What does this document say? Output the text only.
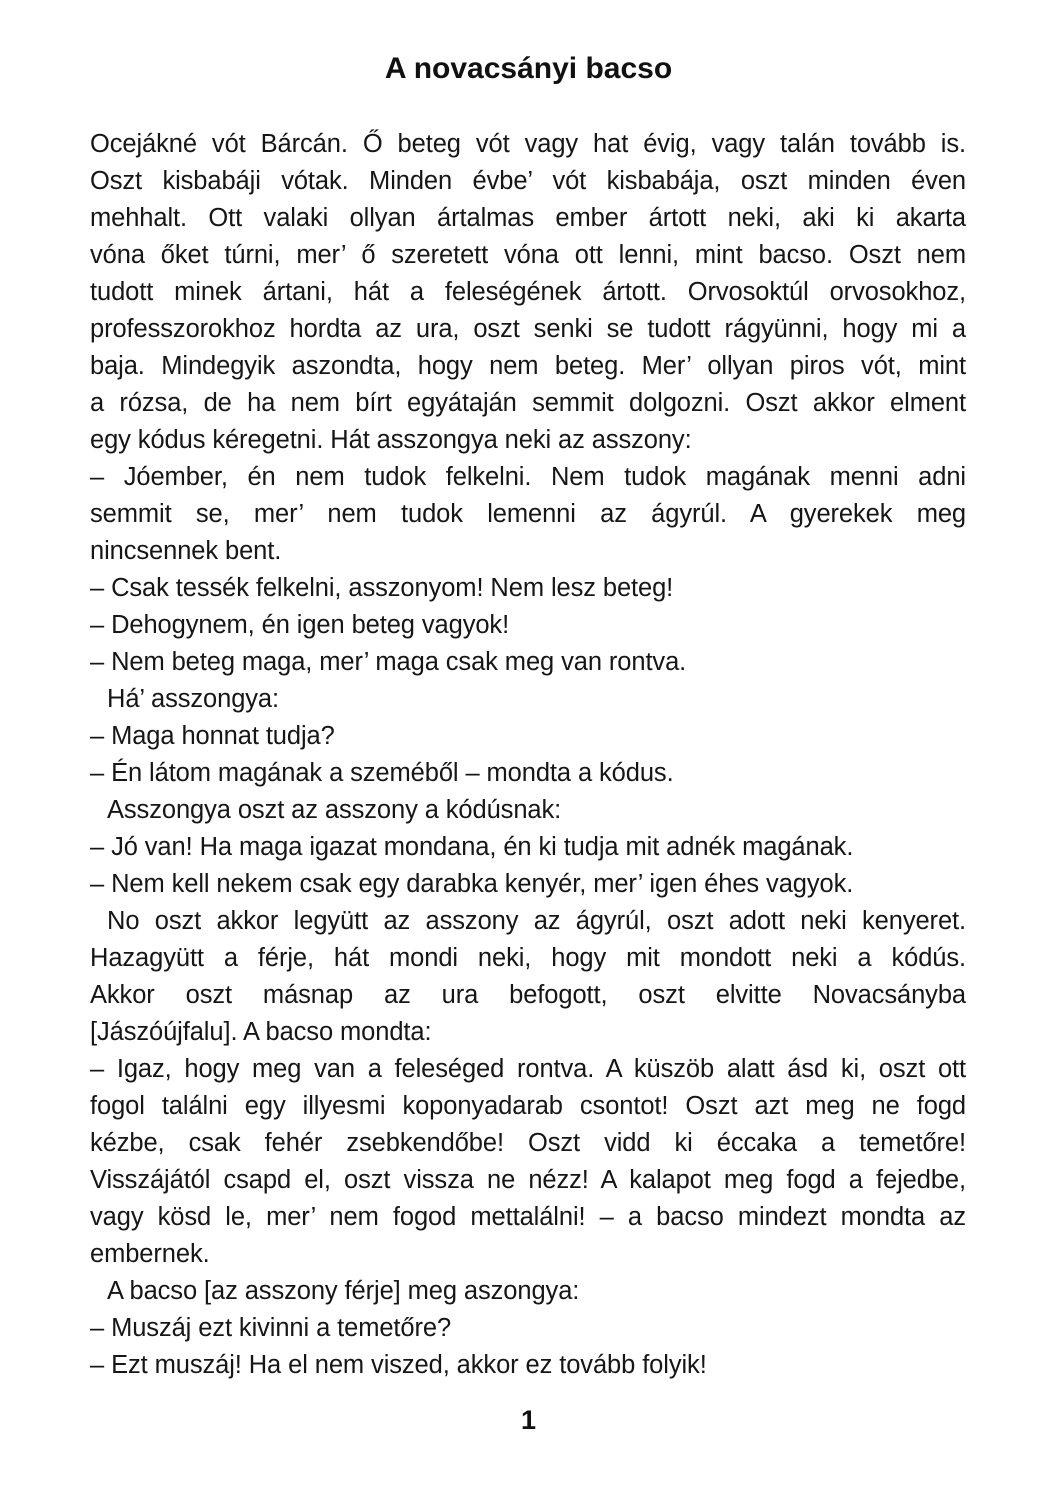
A novacsányi bacso
Ocejákné vót Bárcán. Ő beteg vót vagy hat évig, vagy talán tovább is.
Oszt kisbabáji vótak. Minden évbe’ vót kisbabája, oszt minden éven
mehhalt. Ott valaki ollyan ártalmas ember ártott neki, aki ki akarta
vóna őket túrni, mer’ ő szeretett vóna ott lenni, mint bacso. Oszt nem
tudott minek ártani, hát a feleségének ártott. Orvosoktúl orvosokhoz,
professzorokhoz hordta az ura, oszt senki se tudott rágyünni, hogy mi a
baja. Mindegyik aszondta, hogy nem beteg. Mer’ ollyan piros vót, mint
a rózsa, de ha nem bírt egyátaján semmit dolgozni. Oszt akkor elment
egy kódus kéregetni. Hát asszongya neki az asszony:
– Jóember, én nem tudok felkelni. Nem tudok magának menni adni
semmit se, mer’ nem tudok lemenni az ágyrúl. A gyerekek meg
nincsennek bent.
– Csak tessék felkelni, asszonyom! Nem lesz beteg!
– Dehogynem, én igen beteg vagyok!
– Nem beteg maga, mer’ maga csak meg van rontva.
Há’ asszongya:
– Maga honnat tudja?
– Én látom magának a szeméből – mondta a kódus.
Asszongya oszt az asszony a kódúsnak:
– Jó van! Ha maga igazat mondana, én ki tudja mit adnék magának.
– Nem kell nekem csak egy darabka kenyér, mer’ igen éhes vagyok.
No oszt akkor legyütt az asszony az ágyrúl, oszt adott neki kenyeret.
Hazagyütt a férje, hát mondi neki, hogy mit mondott neki a kódús.
Akkor oszt másnap az ura befogott, oszt elvitte Novacsányba
[Jászóújfalu]. A bacso mondta:
– Igaz, hogy meg van a feleséged rontva. A küszöb alatt ásd ki, oszt ott
fogol találni egy illyesmi koponyadarab csontot! Oszt azt meg ne fogd
kézbe, csak fehér zsebkendőbe! Oszt vidd ki éccaka a temetőre!
Visszájától csapd el, oszt vissza ne nézz! A kalapot meg fogd a fejedbe,
vagy kösd le, mer’ nem fogod mettalálni! – a bacso mindezt mondta az
embernek.
A bacso [az asszony férje] meg aszongya:
– Muszáj ezt kivinni a temetőre?
– Ezt muszáj! Ha el nem viszed, akkor ez tovább folyik!
1
